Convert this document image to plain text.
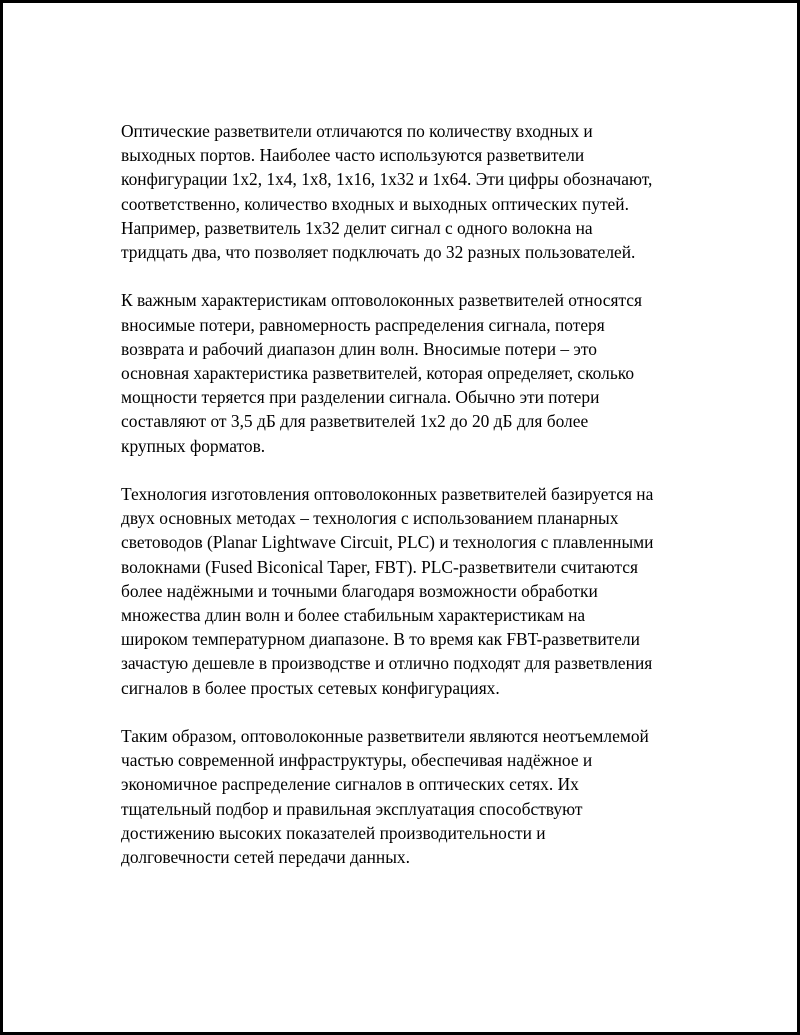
Оптические разветвители отличаются по количеству входных и
выходных портов. Наиболее часто используются разветвители
конфигурации 1x2, 1x4, 1x8, 1x16, 1x32 и 1x64. Эти цифры обозначают,
соответственно, количество входных и выходных оптических путей.
Например, разветвитель 1x32 делит сигнал с одного волокна на
тридцать два, что позволяет подключать до 32 разных пользователей.

К важным характеристикам оптоволоконных разветвителей относятся
вносимые потери, равномерность распределения сигнала, потеря
возврата и рабочий диапазон длин волн. Вносимые потери – это
основная характеристика разветвителей, которая определяет, сколько
мощности теряется при разделении сигнала. Обычно эти потери
составляют от 3,5 дБ для разветвителей 1x2 до 20 дБ для более
крупных форматов.

Технология изготовления оптоволоконных разветвителей базируется на
двух основных методах – технология с использованием планарных
световодов (Planar Lightwave Circuit, PLC) и технология с плавленными
волокнами (Fused Biconical Taper, FBT). PLC-разветвители считаются
более надёжными и точными благодаря возможности обработки
множества длин волн и более стабильным характеристикам на
широком температурном диапазоне. В то время как FBT-разветвители
зачастую дешевле в производстве и отлично подходят для разветвления
сигналов в более простых сетевых конфигурациях.

Таким образом, оптоволоконные разветвители являются неотъемлемой
частью современной инфраструктуры, обеспечивая надёжное и
экономичное распределение сигналов в оптических сетях. Их
тщательный подбор и правильная эксплуатация способствуют
достижению высоких показателей производительности и
долговечности сетей передачи данных.
